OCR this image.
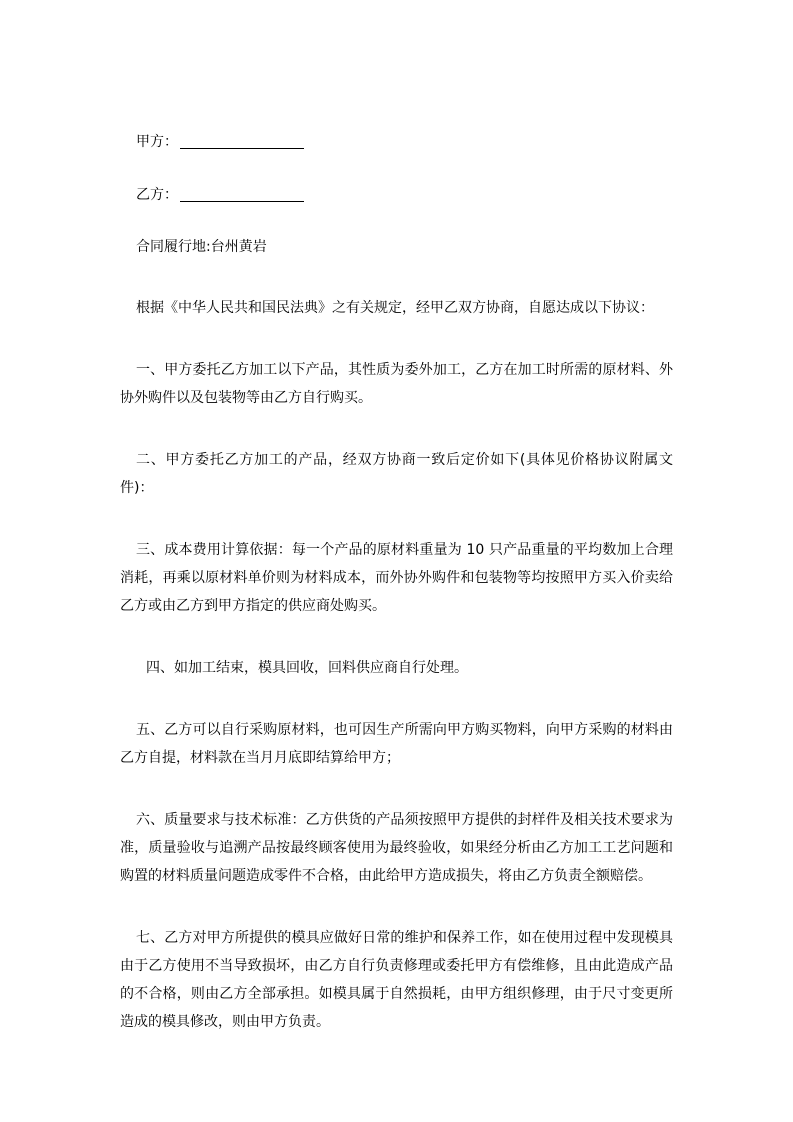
甲方：
乙方：
合同履行地:台州黄岩

根据《中华人民共和国民法典》之有关规定，经甲乙双方协商，自愿达成以下协议：

一、甲方委托乙方加工以下产品，其性质为委外加工，乙方在加工时所需的原材料、外协外购件以及包装物等由乙方自行购买。

二、甲方委托乙方加工的产品，经双方协商一致后定价如下(具体见价格协议附属文件)：

三、成本费用计算依据：每一个产品的原材料重量为 10 只产品重量的平均数加上合理消耗，再乘以原材料单价则为材料成本，而外协外购件和包装物等均按照甲方买入价卖给乙方或由乙方到甲方指定的供应商处购买。

四、如加工结束，模具回收，回料供应商自行处理。

五、乙方可以自行采购原材料，也可因生产所需向甲方购买物料，向甲方采购的材料由乙方自提，材料款在当月月底即结算给甲方；

六、质量要求与技术标准：乙方供货的产品须按照甲方提供的封样件及相关技术要求为准，质量验收与追溯产品按最终顾客使用为最终验收，如果经分析由乙方加工工艺问题和购置的材料质量问题造成零件不合格，由此给甲方造成损失，将由乙方负责全额赔偿。

七、乙方对甲方所提供的模具应做好日常的维护和保养工作，如在使用过程中发现模具由于乙方使用不当导致损坏，由乙方自行负责修理或委托甲方有偿维修，且由此造成产品的不合格，则由乙方全部承担。如模具属于自然损耗，由甲方组织修理，由于尺寸变更所造成的模具修改，则由甲方负责。
